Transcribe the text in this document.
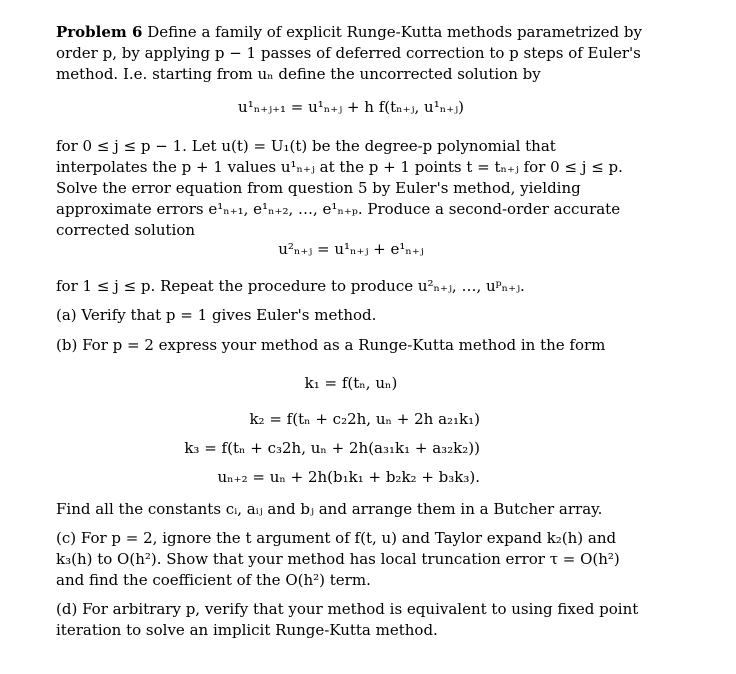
Problem 6 Define a family of explicit Runge-Kutta methods parametrized by order p, by applying p − 1 passes of deferred correction to p steps of Euler's method. I.e. starting from uₙ define the uncorrected solution by

u¹ₙ₊ⱼ₊₁ = u¹ₙ₊ⱼ + h f(tₙ₊ⱼ, u¹ₙ₊ⱼ)

for 0 ≤ j ≤ p − 1. Let u(t) = U₁(t) be the degree-p polynomial that interpolates the p + 1 values u¹ₙ₊ⱼ at the p + 1 points t = tₙ₊ⱼ for 0 ≤ j ≤ p. Solve the error equation from question 5 by Euler's method, yielding approximate errors e¹ₙ₊₁, e¹ₙ₊₂, …, e¹ₙ₊ₚ. Produce a second-order accurate corrected solution

u²ₙ₊ⱼ = u¹ₙ₊ⱼ + e¹ₙ₊ⱼ

for 1 ≤ j ≤ p. Repeat the procedure to produce u²ₙ₊ⱼ, …, uᵖₙ₊ⱼ.

(a) Verify that p = 1 gives Euler's method.

(b) For p = 2 express your method as a Runge-Kutta method in the form

k₁ = f(tₙ, uₙ)
k₂ = f(tₙ + c₂2h, uₙ + 2h a₂₁k₁)
k₃ = f(tₙ + c₃2h, uₙ + 2h(a₃₁k₁ + a₃₂k₂))
uₙ₊₂ = uₙ + 2h(b₁k₁ + b₂k₂ + b₃k₃).

Find all the constants cᵢ, aᵢⱼ and bⱼ and arrange them in a Butcher array.

(c) For p = 2, ignore the t argument of f(t, u) and Taylor expand k₂(h) and k₃(h) to O(h²). Show that your method has local truncation error τ = O(h²) and find the coefficient of the O(h²) term.

(d) For arbitrary p, verify that your method is equivalent to using fixed point iteration to solve an implicit Runge-Kutta method.
